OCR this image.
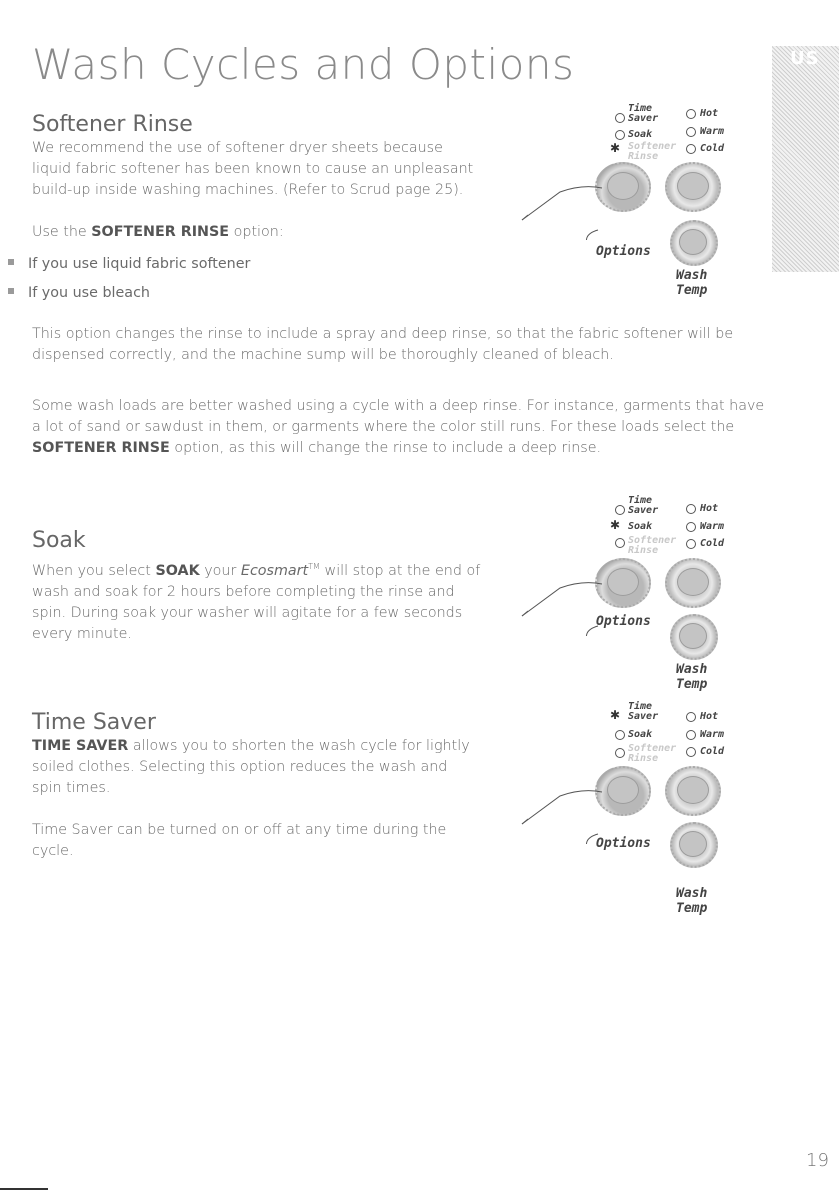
Wash Cycles and Options	US
Softener Rinse

We recommend the use of softener dryer sheets because liquid fabric softener has been known to cause an unpleasant build-up inside washing machines. (Refer to Scrud page 25).

Use the SOFTENER RINSE option:

If you use liquid fabric softener
If you use bleach

This option changes the rinse to include a spray and deep rinse, so that the fabric softener will be dispensed correctly, and the machine sump will be thoroughly cleaned of bleach.

Some wash loads are better washed using a cycle with a deep rinse. For instance, garments that have a lot of sand or sawdust in them, or garments where the color still runs. For these loads select the SOFTENER RINSE option, as this will change the rinse to include a deep rinse.

Soak

When you select SOAK your Ecosmart™ will stop at the end of wash and soak for 2 hours before completing the rinse and spin. During soak your washer will agitate for a few seconds every minute.

Time Saver

TIME SAVER allows you to shorten the wash cycle for lightly soiled clothes. Selecting this option reduces the wash and spin times.

Time Saver can be turned on or off at any time during the cycle.

Time
Saver
Soak
✱ Softener
Rinse
Hot
Warm
Cold
Options
Wash
Temp
Time
Saver
✱ Soak
Softener
Rinse
Hot
Warm
Cold
Options
Wash
Temp
✱
Time
Saver
Soak
Softener
Rinse
Hot
Warm
Cold
Options
Wash
Temp
19
